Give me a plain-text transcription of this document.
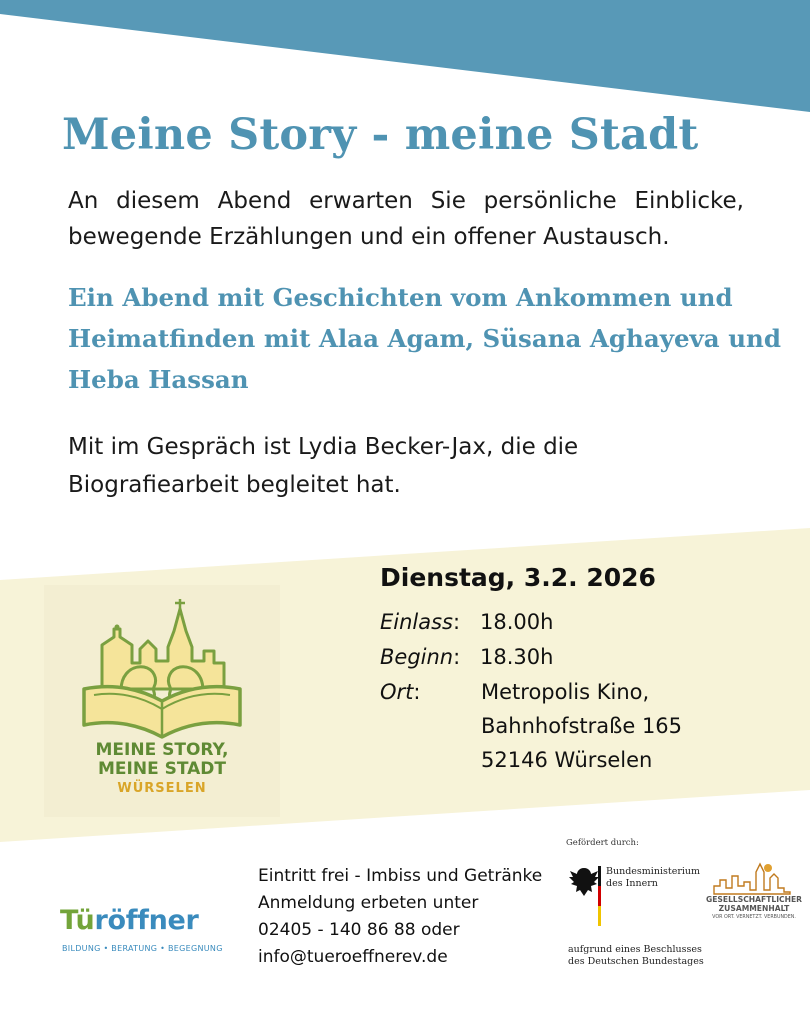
Meine Story - meine Stadt
An diesem Abend erwarten Sie persönliche Einblicke, bewegende Erzählungen und ein offener Austausch.
Ein Abend mit Geschichten vom Ankommen und Heimatfinden mit Alaa Agam, Süsana Aghayeva und Heba Hassan
Mit im Gespräch ist Lydia Becker-Jax, die die Biografiearbeit begleitet hat.
MEINE STORY,
MEINE STADT
WÜRSELEN
Dienstag, 3.2. 2026
Einlass: 18.00h
Beginn: 18.30h
Ort:	Metropolis Kino,
Bahnhofstraße 165
52146 Würselen
Eintritt frei - Imbiss und Getränke
Anmeldung erbeten unter
02405 - 140 86 88 oder
info@tueroeffnerev.de
Türöffner
BILDUNG • BERATUNG • BEGEGNUNG
Gefördert durch:
Bundesministerium
des Innern
aufgrund eines Beschlusses
des Deutschen Bundestages
GESELLSCHAFTLICHER
ZUSAMMENHALT
VOR ORT. VERNETZT. VERBUNDEN.
